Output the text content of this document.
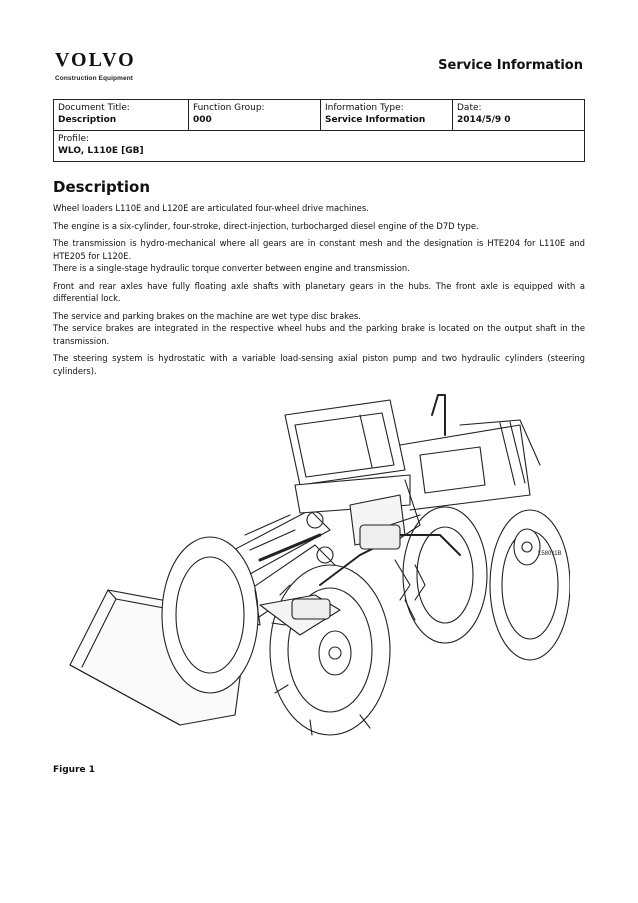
VOLVO
Construction Equipment
Service Information
Document Title:
Description

Function Group:
000

Information Type:
Service Information

Date:
2014/5/9 0

Profile:
WLO, L110E [GB]
Description

Wheel loaders L110E and L120E are articulated four-wheel drive machines.

The engine is a six-cylinder, four-stroke, direct-injection, turbocharged diesel engine of the D7D type.

The transmission is hydro-mechanical where all gears are in constant mesh and the designation is HTE204 for L110E and HTE205 for L120E.

There is a single-stage hydraulic torque converter between engine and transmission.

Front and rear axles have fully floating axle shafts with planetary gears in the hubs. The front axle is equipped with a differential lock.

The service and parking brakes on the machine are wet type disc brakes.

The service brakes are integrated in the respective wheel hubs and the parking brake is located on the output shaft in the transmission.

The steering system is hydrostatic with a variable load-sensing axial piston pump and two hydraulic cylinders (steering cylinders).

L58011B
Figure 1
